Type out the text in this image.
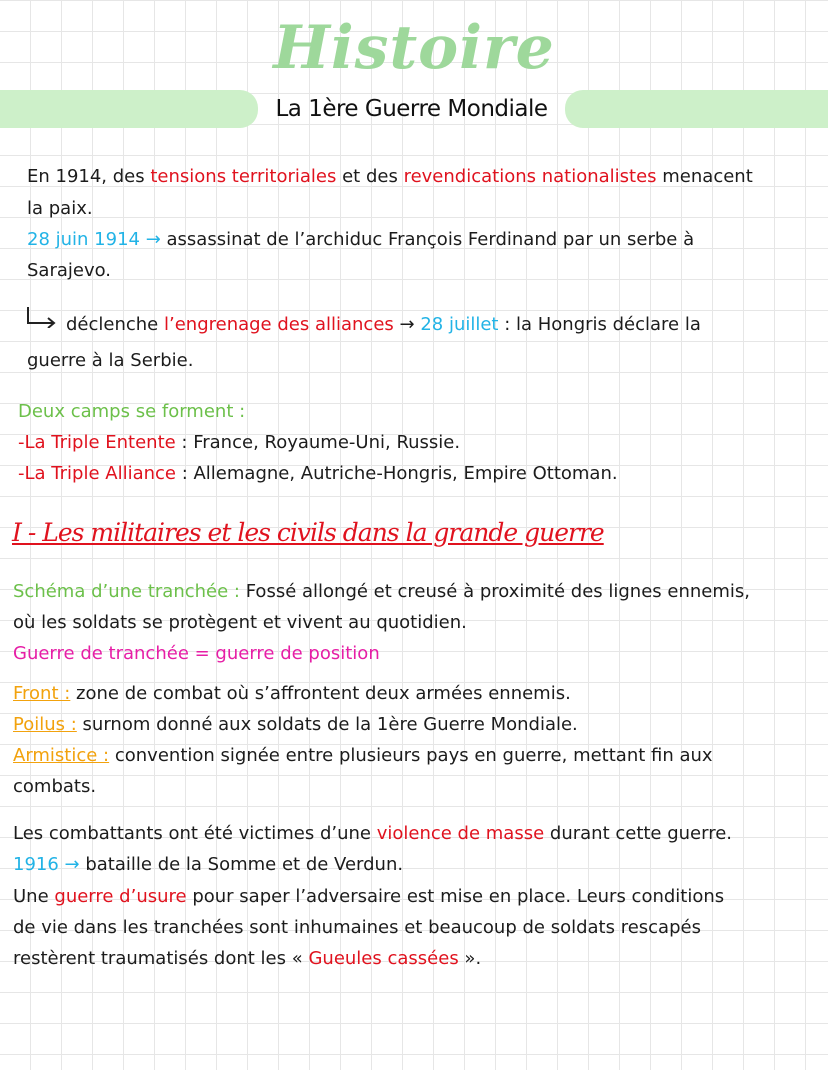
Histoire
La 1ère Guerre Mondiale

En 1914, des tensions territoriales et des revendications nationalistes menacent

la paix.

28 juin 1914 → assassinat de l’archiduc François Ferdinand par un serbe à

Sarajevo.

déclenche l’engrenage des alliances → 28 juillet : la Hongris déclare la

guerre à la Serbie.

Deux camps se forment :

-La Triple Entente : France, Royaume-Uni, Russie.

-La Triple Alliance : Allemagne, Autriche-Hongris, Empire Ottoman.

I - Les militaires et les civils dans la grande guerre

Schéma d’une tranchée : Fossé allongé et creusé à proximité des lignes ennemis,

où les soldats se protègent et vivent au quotidien.

Guerre de tranchée = guerre de position

Front : zone de combat où s’affrontent deux armées ennemis.

Poilus : surnom donné aux soldats de la 1ère Guerre Mondiale.

Armistice : convention signée entre plusieurs pays en guerre, mettant fin aux

combats.

Les combattants ont été victimes d’une violence de masse durant cette guerre.

1916 → bataille de la Somme et de Verdun.

Une guerre d’usure pour saper l’adversaire est mise en place. Leurs conditions

de vie dans les tranchées sont inhumaines et beaucoup de soldats rescapés

restèrent traumatisés dont les « Gueules cassées ».
